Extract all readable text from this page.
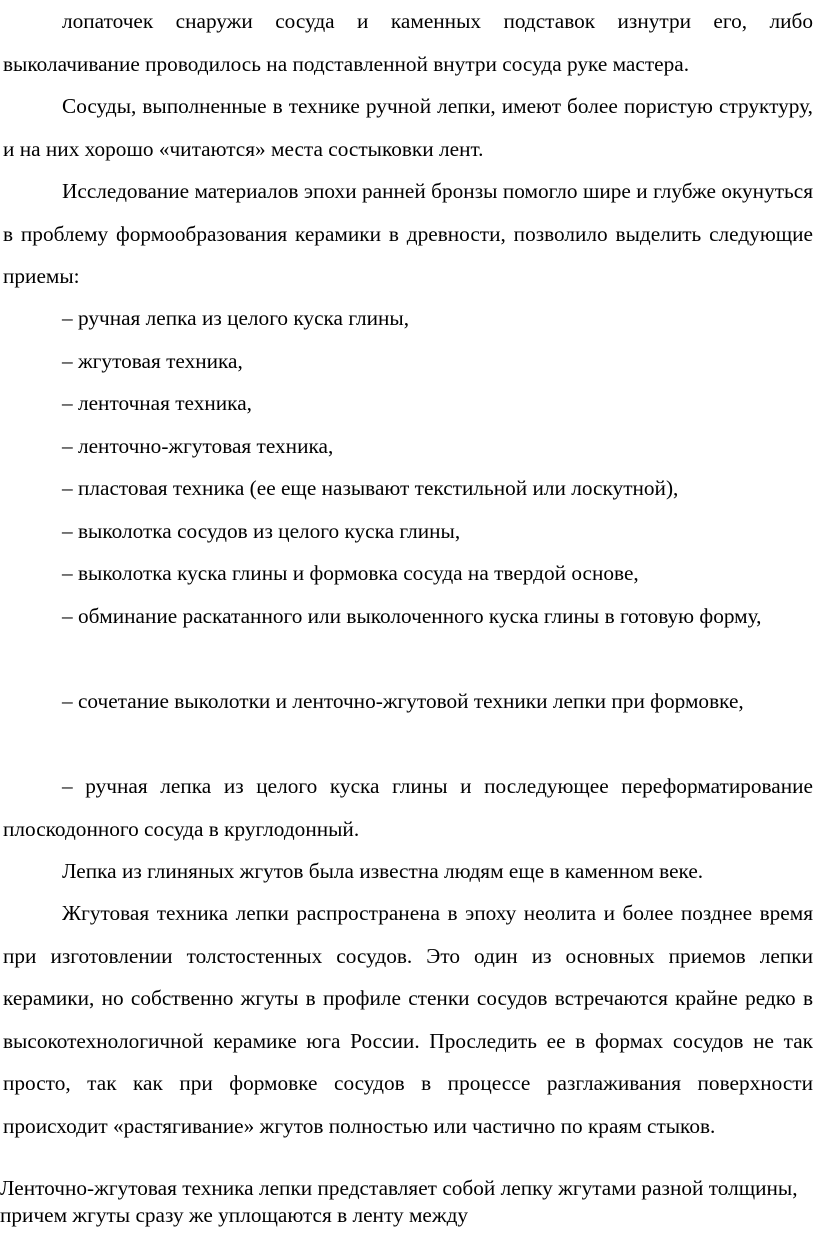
лопаточек снаружи сосуда и каменных подставок изнутри его, либо выколачивание проводилось на подставленной внутри сосуда руке мастера.

Сосуды, выполненные в технике ручной лепки, имеют более пористую структуру, и на них хорошо «читаются» места состыковки лент.

Исследование материалов эпохи ранней бронзы помогло шире и глубже окунуться в проблему формообразования керамики в древности, позволило выделить следующие приемы:

– ручная лепка из целого куска глины,

– жгутовая техника,

– ленточная техника,

– ленточно-жгутовая техника,

– пластовая техника (ее еще называют текстильной или лоскутной),

– выколотка сосудов из целого куска глины,

– выколотка куска глины и формовка сосуда на твердой основе,

– обминание раскатанного или выколоченного куска глины в готовую форму,

– сочетание выколотки и ленточно-жгутовой техники лепки при формовке,

– ручная лепка из целого куска глины и последующее переформатирование плоскодонного сосуда в круглодонный.

Лепка из глиняных жгутов была известна людям еще в каменном веке.

Жгутовая техника лепки распространена в эпоху неолита и более позднее время при изготовлении толстостенных сосудов. Это один из основных приемов лепки керамики, но собственно жгуты в профиле стенки сосудов встречаются крайне редко в высокотехнологичной керамике юга России. Проследить ее в формах сосудов не так просто, так как при формовке сосудов в процессе разглаживания поверхности происходит «растягивание» жгутов полностью или частично по краям стыков.

Ленточно-жгутовая техника лепки представляет собой лепку жгутами разной толщины, причем жгуты сразу же уплощаются в ленту между
